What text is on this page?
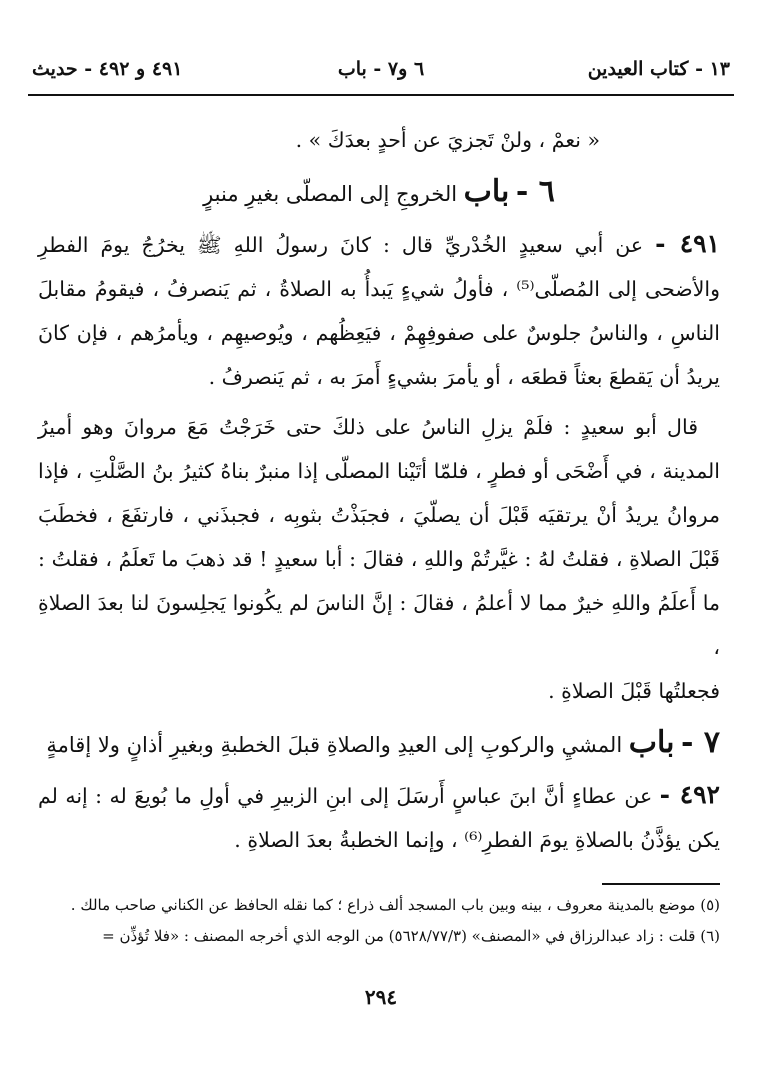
١٣ - كتاب العيدين
٦ و٧ - باب
٤٩١ و ٤٩٢ - حديث

« نعمْ ، ولنْ تَجزيَ عن أحدٍ بعدَكَ » .

٦ - باب الخروجِ إلى المصلّى بغيرِ منبرٍ

٤٩١ - عن أبي سعيدٍ الخُدْريِّ قال : كانَ رسولُ اللهِ ﷺ يخرُجُ يومَ الفطرِ والأضحى إلى المُصلّى⁽⁵⁾ ، فأولُ شيءٍ يَبدأُ به الصلاةُ ، ثم يَنصرفُ ، فيقومُ مقابلَ الناسِ ، والناسُ جلوسٌ على صفوفِهِمْ ، فيَعِظُهم ، ويُوصيهِم ، ويأمرُهم ، فإن كانَ يريدُ أن يَقطعَ بعثاً قطعَه ، أو يأمرَ بشيءٍ أَمرَ به ، ثم يَنصرفُ .

قال أبو سعيدٍ : فلَمْ يزلِ الناسُ على ذلكَ حتى خَرَجْتُ مَعَ مروانَ وهو أميرُ المدينة ، في أَضْحَى أو فطرٍ ، فلمّا أتَيْنا المصلّى إذا منبرٌ بناهُ كثيرُ بنُ الصَّلْتِ ، فإذا مروانُ يريدُ أنْ يرتقيَه قَبْلَ أن يصلّيَ ، فجبَذْتُ بثوبِه ، فجبذَني ، فارتفَعَ ، فخطَبَ قَبْلَ الصلاةِ ، فقلتُ لهُ : غيَّرتُمْ واللهِ ، فقالَ : أبا سعيدٍ ! قد ذهبَ ما تَعلَمُ ، فقلتُ : ما أَعلَمُ واللهِ خيرٌ مما لا أعلمُ ، فقالَ : إنَّ الناسَ لم يكُونوا يَجلِسونَ لنا بعدَ الصلاةِ ،

فجعلتُها قَبْلَ الصلاةِ .

٧ - باب المشيِ والركوبِ إلى العيدِ والصلاةِ قبلَ الخطبةِ وبغيرِ أذانٍ ولا إقامةٍ

٤٩٢ - عن عطاءٍ أنَّ ابنَ عباسٍ أَرسَلَ إلى ابنِ الزبيرِ في أولِ ما بُويعَ له : إنه لم يكن يؤذَّنُ بالصلاةِ يومَ الفطرِ⁽⁶⁾ ، وإنما الخطبةُ بعدَ الصلاةِ .

(٥) موضع بالمدينة معروف ، بينه وبين باب المسجد ألف ذراع ؛ كما نقله الحافظ عن الكناني صاحب مالك .

(٦) قلت : زاد عبدالرزاق في «المصنف» (٥٦٢٨/٧٧/٣) من الوجه الذي أخرجه المصنف : «فلا تُؤذِّن =

٢٩٤
